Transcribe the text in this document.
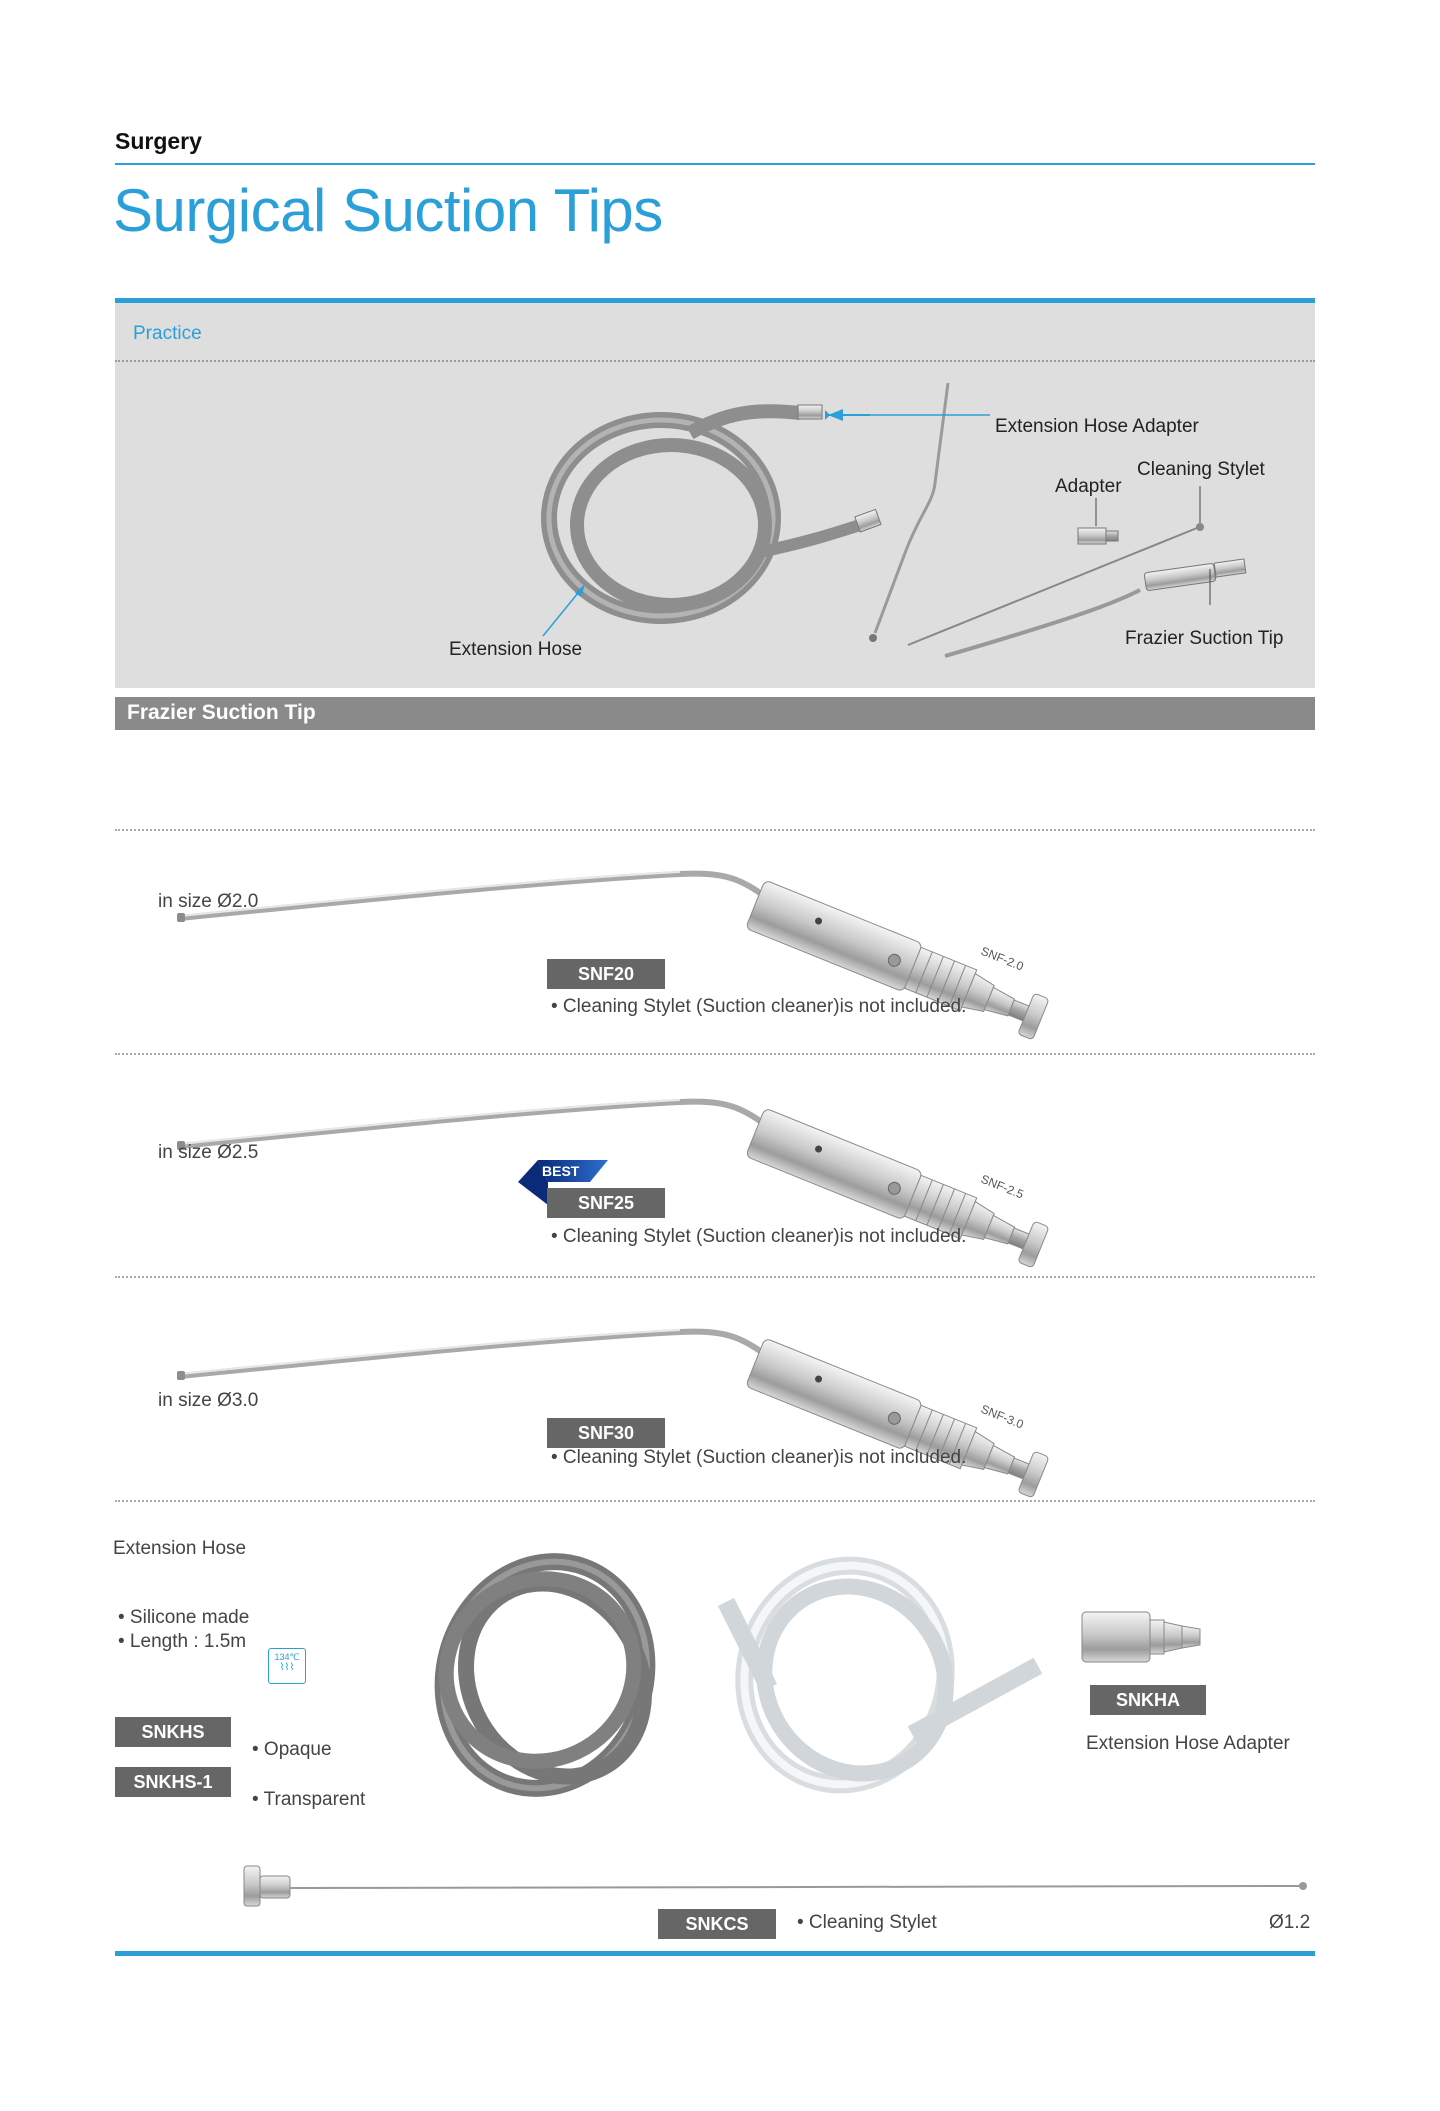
Surgery
Surgical Suction Tips
Practice
Extension Hose Adapter
Cleaning Stylet
Adapter
Frazier Suction Tip
Extension Hose
Frazier Suction Tip
SNF-2.0
in size Ø2.0
SNF20
• Cleaning Stylet (Suction cleaner)is not included.
SNF-2.5
in size Ø2.5
BEST
SNF25
• Cleaning Stylet (Suction cleaner)is not included.
SNF-3.0
in size Ø3.0
SNF30
• Cleaning Stylet (Suction cleaner)is not included.
Extension Hose
• Silicone made
• Length : 1.5m
134℃
⌇⌇⌇
SNKHS
• Opaque
SNKHS-1
• Transparent
SNKHA
Extension Hose Adapter
SNKCS	• Cleaning Stylet	Ø1.2
